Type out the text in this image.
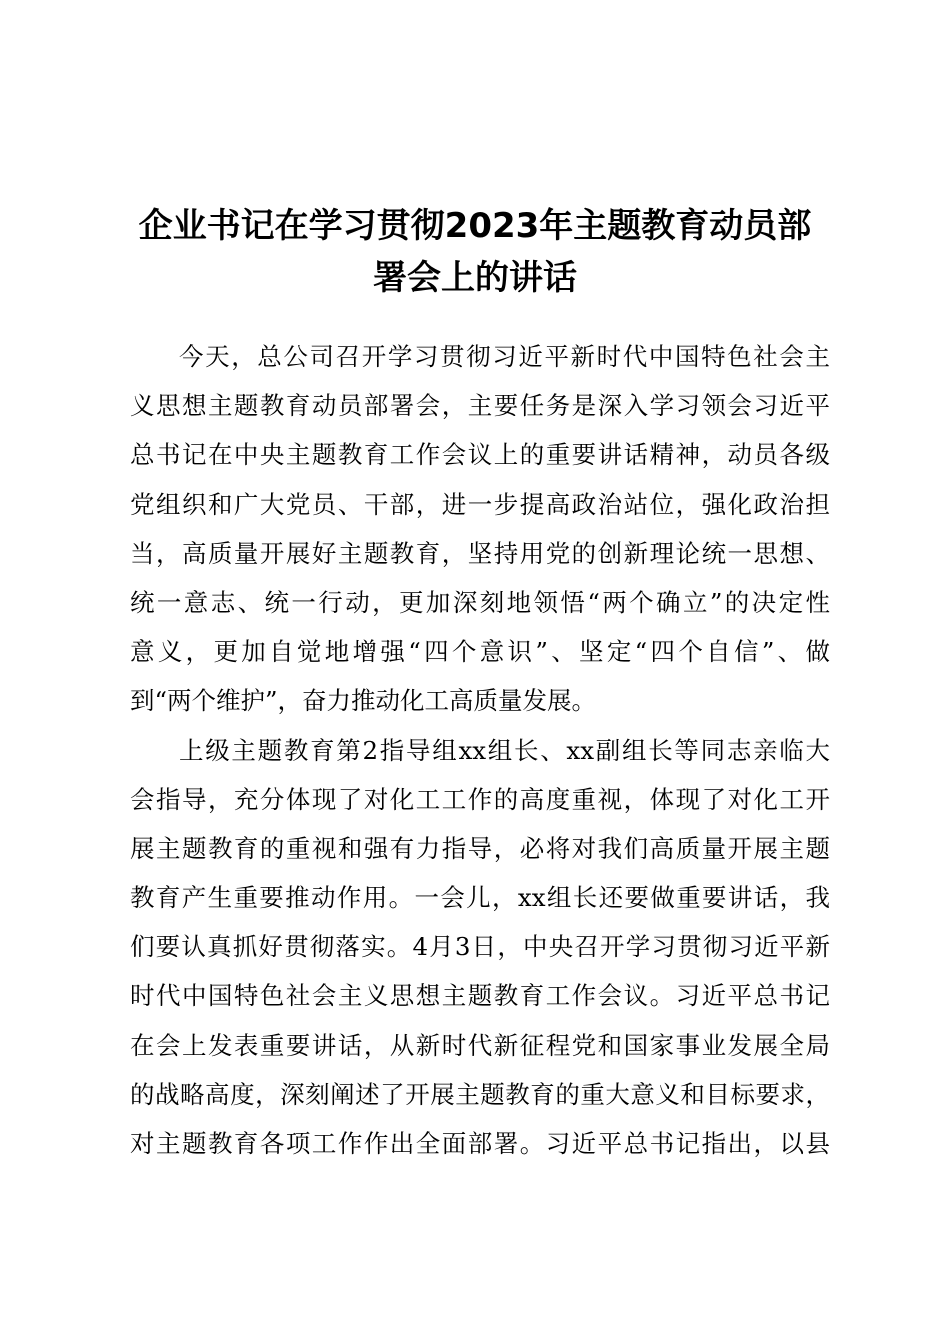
企业书记在学习贯彻2023年主题教育动员部
署会上的讲话

今天，总公司召开学习贯彻习近平新时代中国特色社会主
义思想主题教育动员部署会，主要任务是深入学习领会习近平
总书记在中央主题教育工作会议上的重要讲话精神，动员各级
党组织和广大党员、干部，进一步提高政治站位，强化政治担
当，高质量开展好主题教育，坚持用党的创新理论统一思想、
统一意志、统一行动，更加深刻地领悟“两个确立”的决定性
意义，更加自觉地增强“四个意识”、坚定“四个自信”、做
到“两个维护”，奋力推动化工高质量发展。

上级主题教育第2指导组xx组长、xx副组长等同志亲临大
会指导，充分体现了对化工工作的高度重视，体现了对化工开
展主题教育的重视和强有力指导，必将对我们高质量开展主题
教育产生重要推动作用。一会儿，xx组长还要做重要讲话，我
们要认真抓好贯彻落实。4月3日，中央召开学习贯彻习近平新
时代中国特色社会主义思想主题教育工作会议。习近平总书记
在会上发表重要讲话，从新时代新征程党和国家事业发展全局
的战略高度，深刻阐述了开展主题教育的重大意义和目标要求，
对主题教育各项工作作出全面部署。习近平总书记指出，以县
